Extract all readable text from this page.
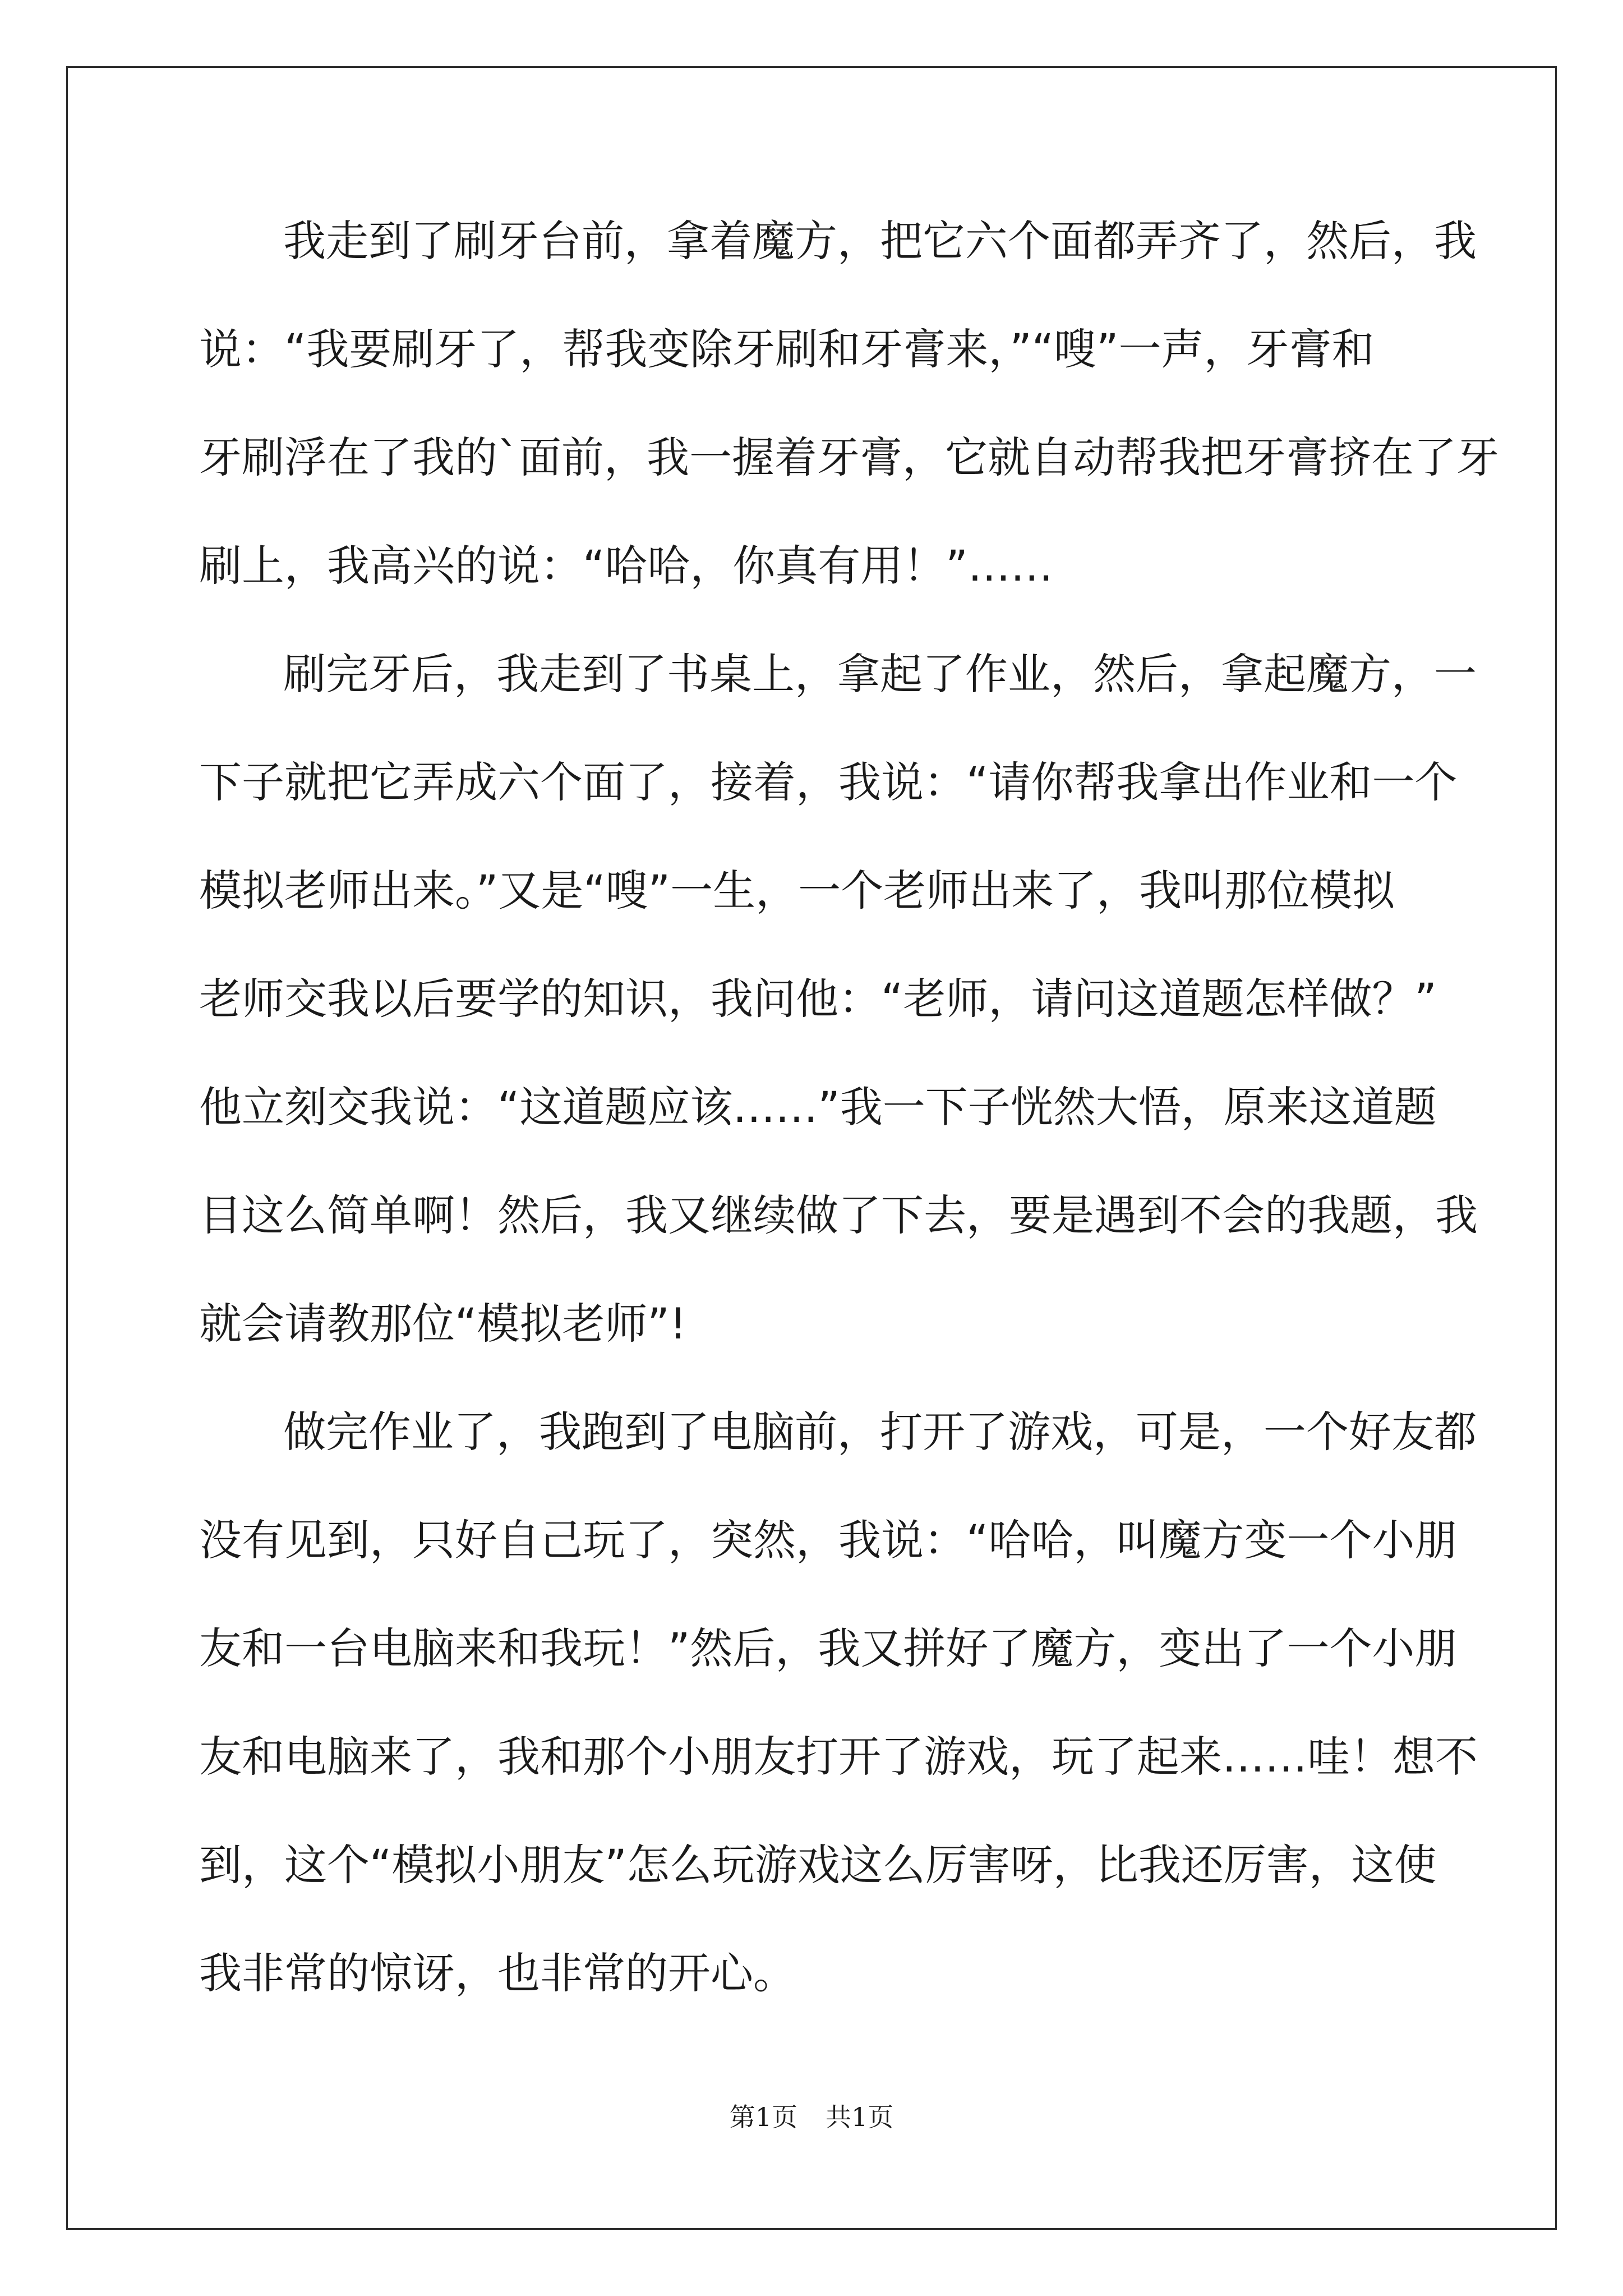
我走到了刷牙台前，拿着魔方，把它六个面都弄齐了，然后，我
说：“我要刷牙了，帮我变除牙刷和牙膏来，”“嗖”一声，牙膏和
牙刷浮在了我的`面前，我一握着牙膏，它就自动帮我把牙膏挤在了牙
刷上，我高兴的说：“哈哈，你真有用！”……
刷完牙后，我走到了书桌上，拿起了作业，然后，拿起魔方，一
下子就把它弄成六个面了，接着，我说：“请你帮我拿出作业和一个
模拟老师出来。”又是“嗖”一生，一个老师出来了，我叫那位模拟
老师交我以后要学的知识，我问他：“老师，请问这道题怎样做？”
他立刻交我说：“这道题应该……”我一下子恍然大悟，原来这道题
目这么简单啊！然后，我又继续做了下去，要是遇到不会的我题，我
就会请教那位“模拟老师”!
做完作业了，我跑到了电脑前，打开了游戏，可是，一个好友都
没有见到，只好自己玩了，突然，我说：“哈哈，叫魔方变一个小朋
友和一台电脑来和我玩！”然后，我又拼好了魔方，变出了一个小朋
友和电脑来了，我和那个小朋友打开了游戏，玩了起来……哇！想不
到，这个“模拟小朋友”怎么玩游戏这么厉害呀，比我还厉害，这使
我非常的惊讶，也非常的开心。
第1页 共1页
